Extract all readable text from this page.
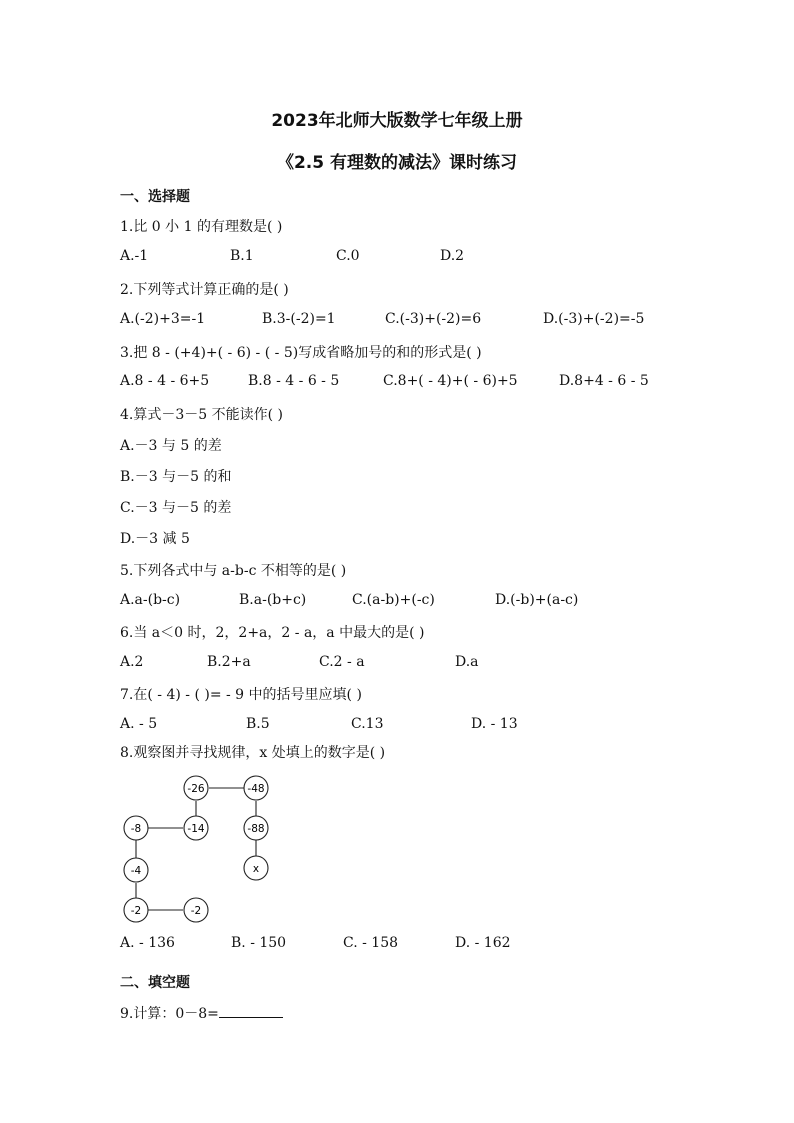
2023年北师大版数学七年级上册
《2.5 有理数的减法》课时练习
一、选择题
1.比 0 小 1 的有理数是( )
A.-1	B.1	C.0	D.2
2.下列等式计算正确的是( )
A.(-2)+3=-1	B.3-(-2)=1	C.(-3)+(-2)=6	D.(-3)+(-2)=-5
3.把 8 - (+4)+( - 6) - ( - 5)写成省略加号的和的形式是( )
A.8 - 4 - 6+5	B.8 - 4 - 6 - 5	C.8+( - 4)+( - 6)+5	D.8+4 - 6 - 5
4.算式－3－5 不能读作( )
A.－3 与 5 的差
B.－3 与－5 的和
C.－3 与－5 的差
D.－3 减 5
5.下列各式中与 a-b-c 不相等的是( )
A.a-(b-c)	B.a-(b+c)	C.(a-b)+(-c)	D.(-b)+(a-c)
6.当 a＜0 时，2，2+a，2 - a，a 中最大的是( )
A.2	B.2+a	C.2 - a	D.a
7.在( - 4) - ( )= - 9 中的括号里应填( )
A. - 5	B.5	C.13	D. - 13
8.观察图并寻找规律，x 处填上的数字是( )
-26	-48
-8	-14	-88
-4	x
-2	-2
A. - 136	B. - 150	C. - 158	D. - 162
二、填空题
9.计算：0－8=
